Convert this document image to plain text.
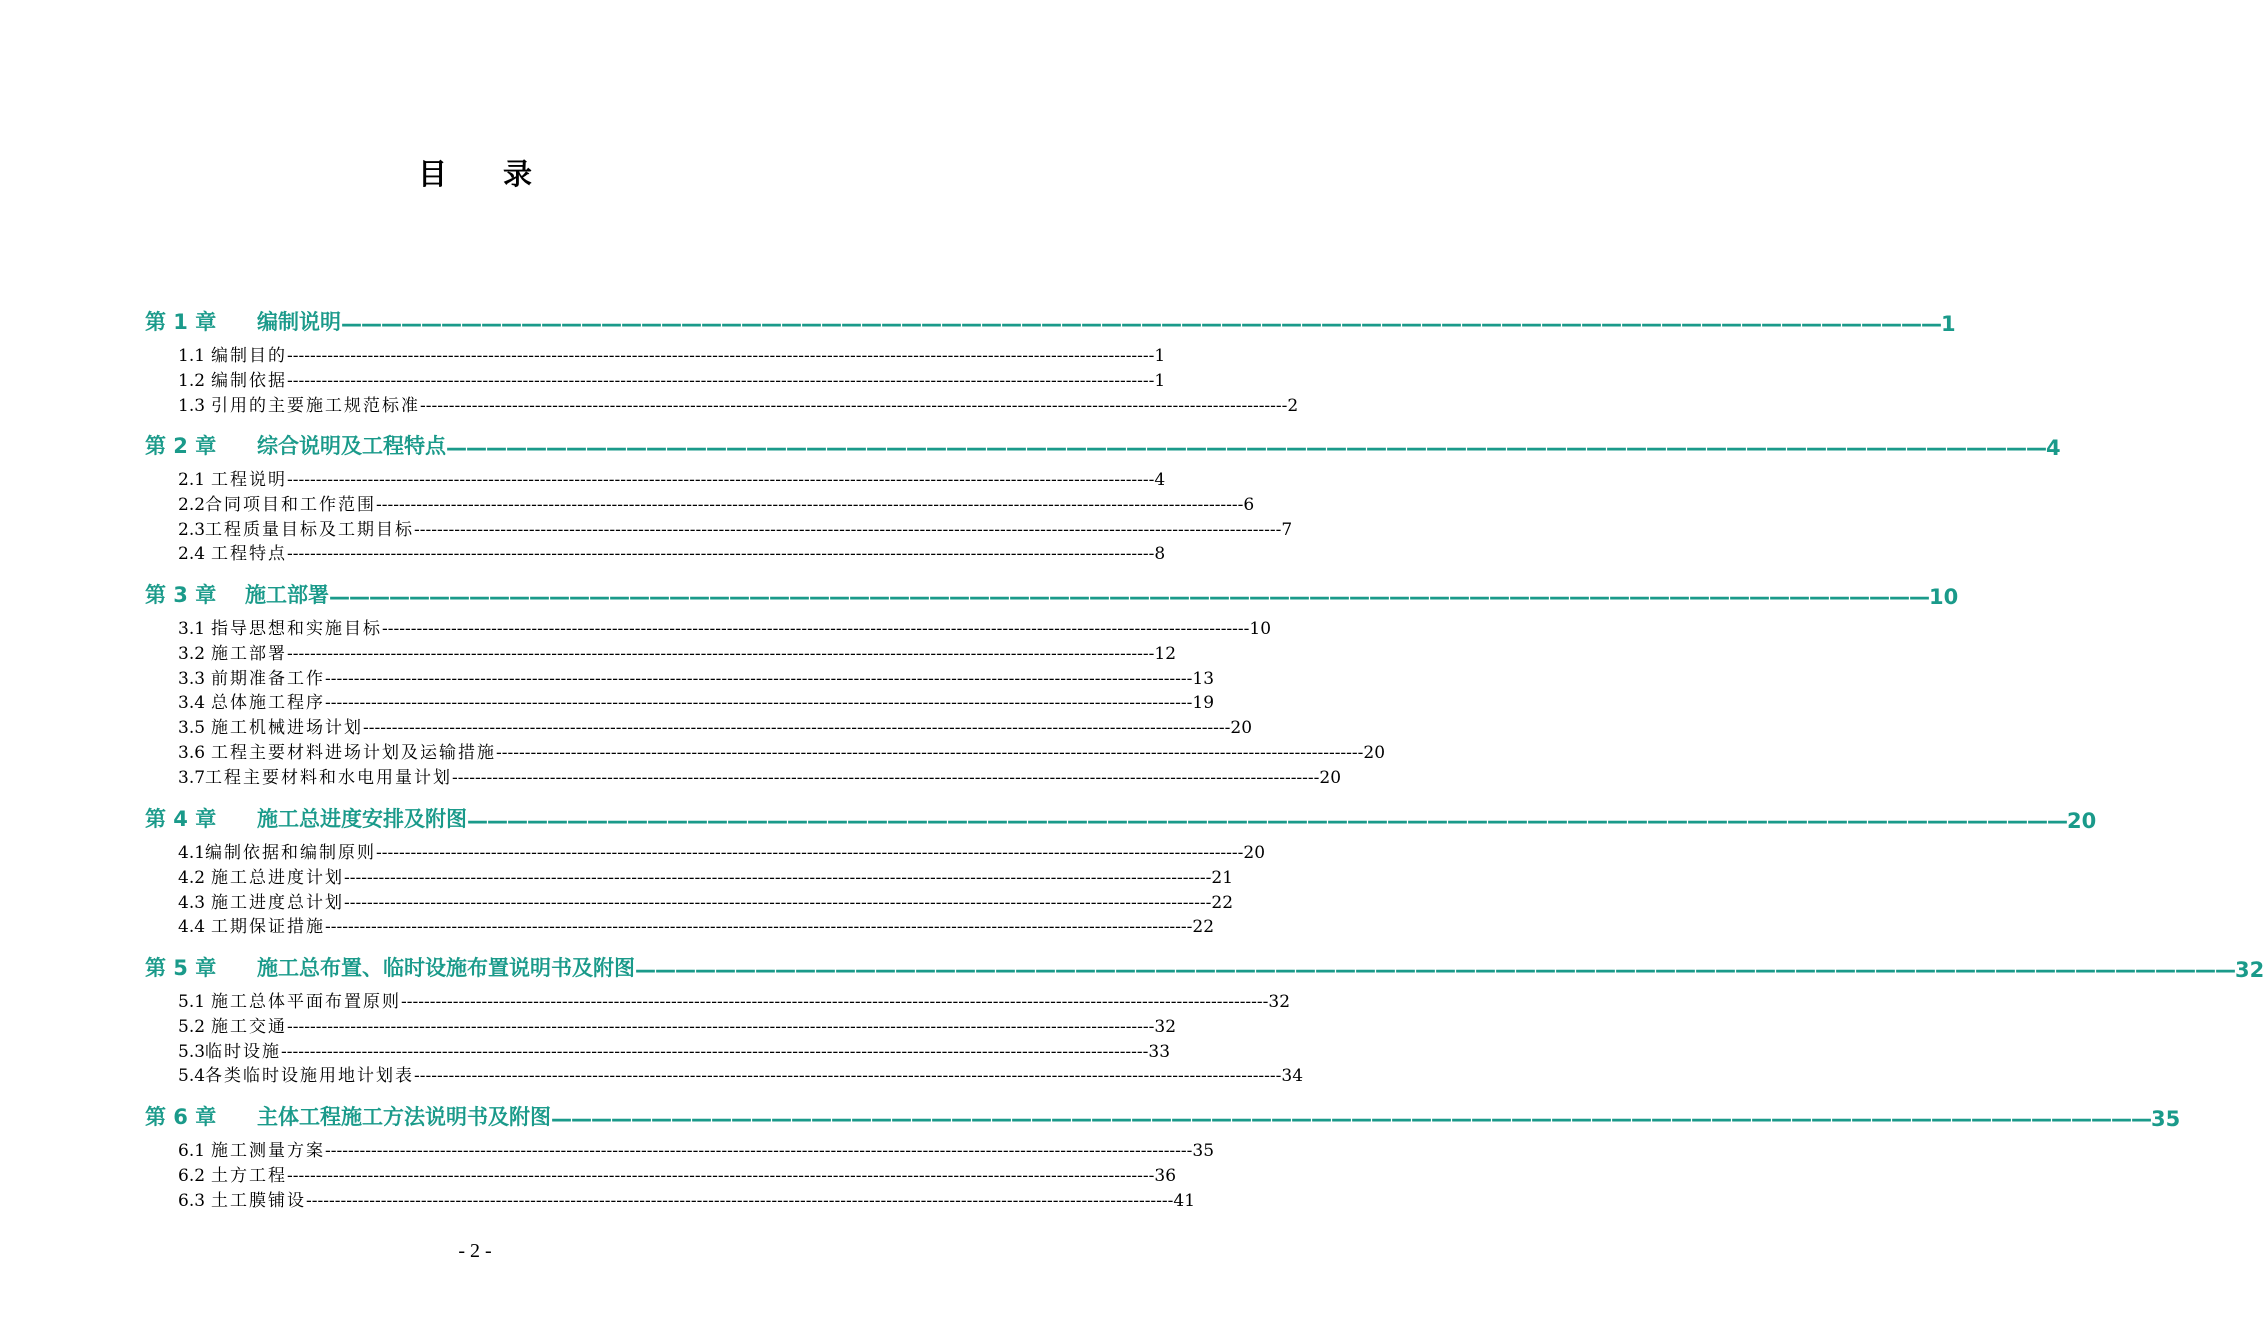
目录
第 1 章 编制说明 ———————————————————————————————————————————————————————————————————————————————— 1
1.1 编制目的 ------------------------------------------------------------------------------------------------------------------------------------------------------- 1
1.2 编制依据 ------------------------------------------------------------------------------------------------------------------------------------------------------- 1
1.3 引用的主要施工规范标准 ------------------------------------------------------------------------------------------------------------------------------------------------------- 2
第 2 章 综合说明及工程特点 ———————————————————————————————————————————————————————————————————————————————— 4
2.1 工程说明 ------------------------------------------------------------------------------------------------------------------------------------------------------- 4
2.2 合同项目和工作范围 ------------------------------------------------------------------------------------------------------------------------------------------------------- 6
2.3 工程质量目标及工期目标 ------------------------------------------------------------------------------------------------------------------------------------------------------- 7
2.4 工程特点 ------------------------------------------------------------------------------------------------------------------------------------------------------- 8
第 3 章 施工部署 ———————————————————————————————————————————————————————————————————————————————— 10
3.1 指导思想和实施目标 ------------------------------------------------------------------------------------------------------------------------------------------------------- 10
3.2 施工部署 ------------------------------------------------------------------------------------------------------------------------------------------------------- 12
3.3 前期准备工作 ------------------------------------------------------------------------------------------------------------------------------------------------------- 13
3.4 总体施工程序 ------------------------------------------------------------------------------------------------------------------------------------------------------- 19
3.5 施工机械进场计划 ------------------------------------------------------------------------------------------------------------------------------------------------------- 20
3.6 工程主要材料进场计划及运输措施 ------------------------------------------------------------------------------------------------------------------------------------------------------- 20
3.7 工程主要材料和水电用量计划 ------------------------------------------------------------------------------------------------------------------------------------------------------- 20
第 4 章 施工总进度安排及附图 ———————————————————————————————————————————————————————————————————————————————— 20
4.1 编制依据和编制原则 ------------------------------------------------------------------------------------------------------------------------------------------------------- 20
4.2 施工总进度计划 ------------------------------------------------------------------------------------------------------------------------------------------------------- 21
4.3 施工进度总计划 ------------------------------------------------------------------------------------------------------------------------------------------------------- 22
4.4 工期保证措施 ------------------------------------------------------------------------------------------------------------------------------------------------------- 22
第 5 章 施工总布置、临时设施布置说明书及附图 ———————————————————————————————————————————————————————————————————————————————— 32
5.1 施工总体平面布置原则 ------------------------------------------------------------------------------------------------------------------------------------------------------- 32
5.2 施工交通 ------------------------------------------------------------------------------------------------------------------------------------------------------- 32
5.3 临时设施 ------------------------------------------------------------------------------------------------------------------------------------------------------- 33
5.4 各类临时设施用地计划表 ------------------------------------------------------------------------------------------------------------------------------------------------------- 34
第 6 章 主体工程施工方法说明书及附图 ———————————————————————————————————————————————————————————————————————————————— 35
6.1 施工测量方案 ------------------------------------------------------------------------------------------------------------------------------------------------------- 35
6.2 土方工程 ------------------------------------------------------------------------------------------------------------------------------------------------------- 36
6.3 土工膜铺设 ------------------------------------------------------------------------------------------------------------------------------------------------------- 41
- 2 -
